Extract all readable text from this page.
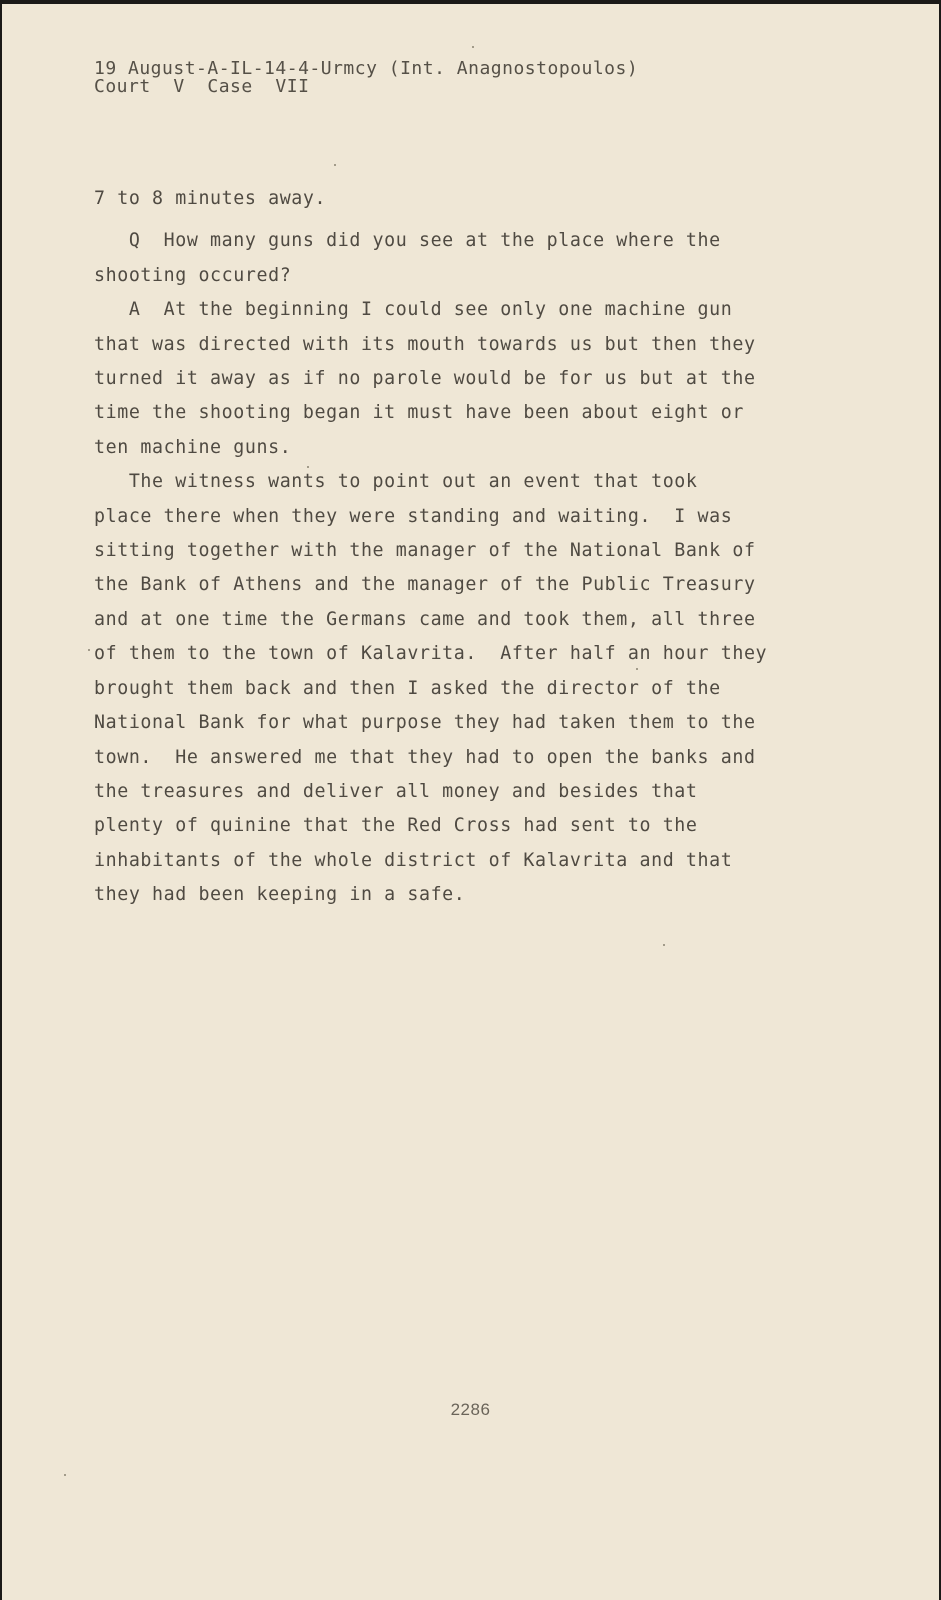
19 August-A-IL-14-4-Urmcy (Int. Anagnostopoulos)
Court  V  Case  VII
7 to 8 minutes away.
Q  How many guns did you see at the place where the
shooting occured?
A  At the beginning I could see only one machine gun
that was directed with its mouth towards us but then they
turned it away as if no parole would be for us but at the
time the shooting began it must have been about eight or
ten machine guns.
The witness wants to point out an event that took
place there when they were standing and waiting.  I was
sitting together with the manager of the National Bank of
the Bank of Athens and the manager of the Public Treasury
and at one time the Germans came and took them, all three
of them to the town of Kalavrita.  After half an hour they
brought them back and then I asked the director of the
National Bank for what purpose they had taken them to the
town.  He answered me that they had to open the banks and
the treasures and deliver all money and besides that
plenty of quinine that the Red Cross had sent to the
inhabitants of the whole district of Kalavrita and that
they had been keeping in a safe.
2286
